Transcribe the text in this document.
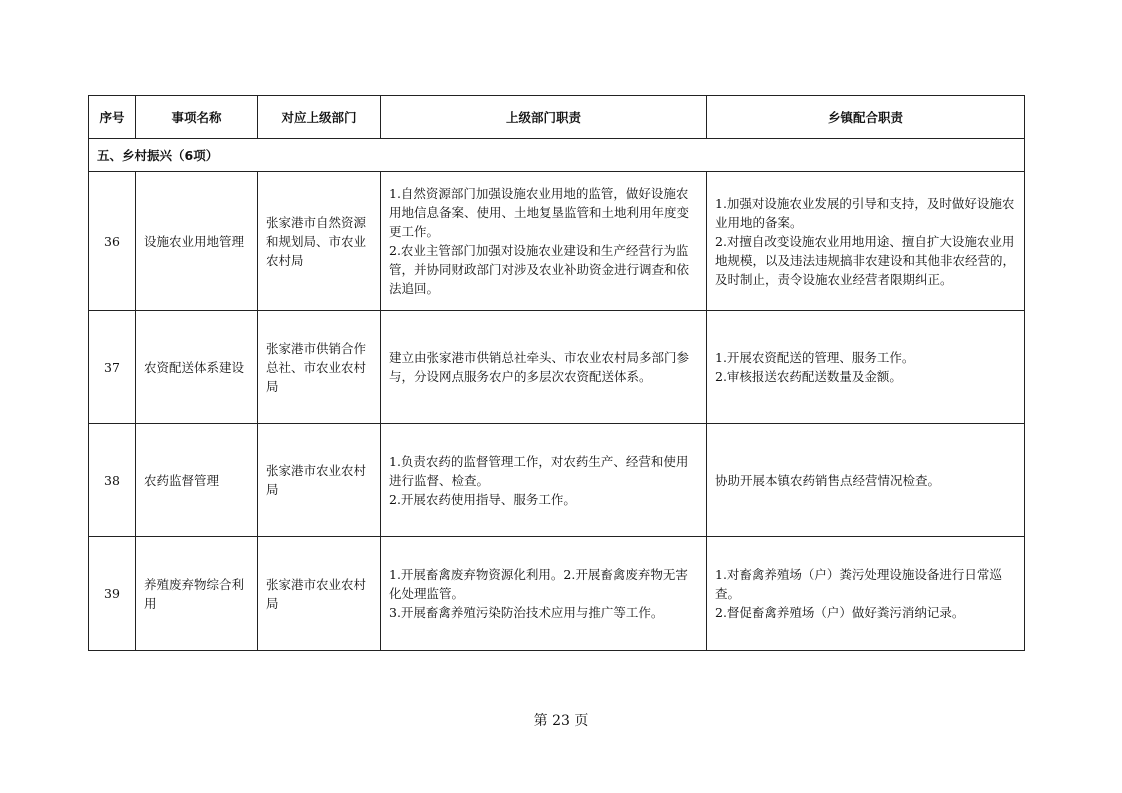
序号	事项名称	对应上级部门	上级部门职责	乡镇配合职责
五、乡村振兴（6项）				
36	设施农业用地管理	张家港市自然资源和规划局、市农业农村局	1.自然资源部门加强设施农业用地的监管，做好设施农用地信息备案、使用、土地复垦监管和土地利用年度变更工作。
2.农业主管部门加强对设施农业建设和生产经营行为监管，并协同财政部门对涉及农业补助资金进行调查和依法追回。	1.加强对设施农业发展的引导和支持，及时做好设施农业用地的备案。
2.对擅自改变设施农业用地用途、擅自扩大设施农业用地规模，以及违法违规搞非农建设和其他非农经营的，及时制止，责令设施农业经营者限期纠正。

37	农资配送体系建设	张家港市供销合作总社、市农业农村局	建立由张家港市供销总社牵头、市农业农村局多部门参与，分设网点服务农户的多层次农资配送体系。	1.开展农资配送的管理、服务工作。
2.审核报送农药配送数量及金额。

38	农药监督管理	张家港市农业农村局	1.负责农药的监督管理工作，对农药生产、经营和使用进行监督、检查。
2.开展农药使用指导、服务工作。	协助开展本镇农药销售点经营情况检查。

39	养殖废弃物综合利用	张家港市农业农村局	1.开展畜禽废弃物资源化利用。2.开展畜禽废弃物无害化处理监管。
3.开展畜禽养殖污染防治技术应用与推广等工作。	1.对畜禽养殖场（户）粪污处理设施设备进行日常巡查。
2.督促畜禽养殖场（户）做好粪污消纳记录。
第 23 页
